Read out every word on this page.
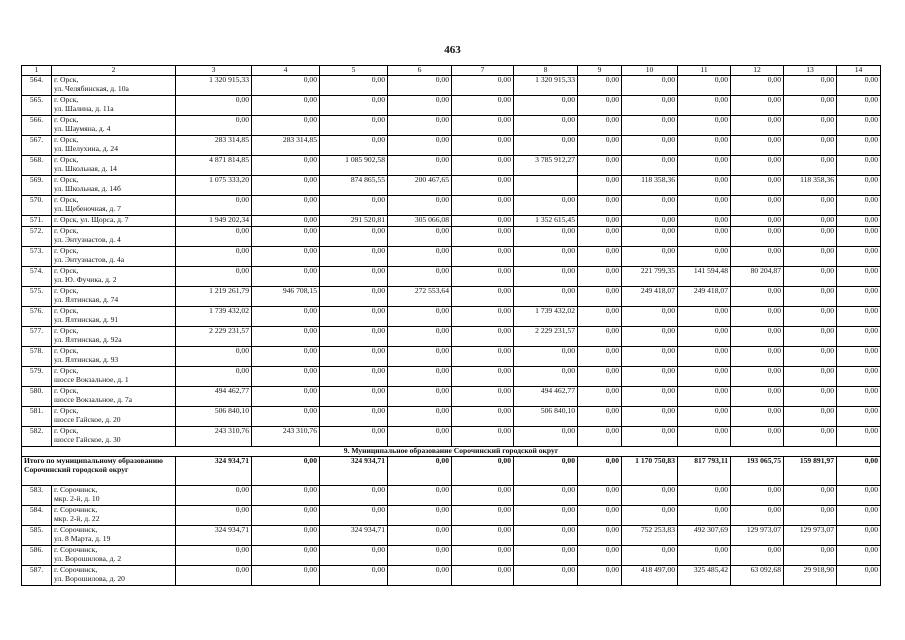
463
1	2	3	4	5	6	7	8	9	10	11	12	13	14
564.	г. Орск,
ул. Челябинская, д. 10а	1 320 915,33	0,00	0,00	0,00	0,00	1 320 915,33	0,00	0,00	0,00	0,00	0,00	0,00
565.	г. Орск,
ул. Шалина, д. 11а	0,00	0,00	0,00	0,00	0,00	0,00	0,00	0,00	0,00	0,00	0,00	0,00
566.	г. Орск,
ул. Шаумяна, д. 4	0,00	0,00	0,00	0,00	0,00	0,00	0,00	0,00	0,00	0,00	0,00	0,00
567.	г. Орск,
ул. Шелухина, д. 24	283 314,85	283 314,85	0,00	0,00	0,00	0,00	0,00	0,00	0,00	0,00	0,00	0,00
568.	г. Орск,
ул. Школьная, д. 14	4 871 814,85	0,00	1 085 902,58	0,00	0,00	3 785 912,27	0,00	0,00	0,00	0,00	0,00	0,00
569.	г. Орск,
ул. Школьная, д. 14б	1 075 333,20	0,00	874 865,55	200 467,65	0,00		0,00	118 358,36	0,00	0,00	118 358,36	0,00
570.	г. Орск,
ул. Щебеночная, д. 7	0,00	0,00	0,00	0,00	0,00	0,00	0,00	0,00	0,00	0,00	0,00	0,00
571.	г. Орск, ул. Щорса, д. 7	1 949 202,34	0,00	291 520,81	305 066,08	0,00	1 352 615,45	0,00	0,00	0,00	0,00	0,00	0,00
572.	г. Орск,
ул. Энтузиастов, д. 4	0,00	0,00	0,00	0,00	0,00	0,00	0,00	0,00	0,00	0,00	0,00	0,00
573.	г. Орск,
ул. Энтузиастов, д. 4а	0,00	0,00	0,00	0,00	0,00	0,00	0,00	0,00	0,00	0,00	0,00	0,00
574.	г. Орск,
ул. Ю. Фучика, д. 2	0,00	0,00	0,00	0,00	0,00	0,00	0,00	221 799,35	141 594,48	80 204,87	0,00	0,00
575.	г. Орск,
ул. Ялтинская, д. 74	1 219 261,79	946 708,15	0,00	272 553,64	0,00	0,00	0,00	249 418,07	249 418,07	0,00	0,00	0,00
576.	г. Орск,
ул. Ялтинская, д. 91	1 739 432,02	0,00	0,00	0,00	0,00	1 739 432,02	0,00	0,00	0,00	0,00	0,00	0,00
577.	г. Орск,
ул. Ялтинская, д. 92а	2 229 231,57	0,00	0,00	0,00	0,00	2 229 231,57	0,00	0,00	0,00	0,00	0,00	0,00
578.	г. Орск,
ул. Ялтинская, д. 93	0,00	0,00	0,00	0,00	0,00	0,00	0,00	0,00	0,00	0,00	0,00	0,00
579.	г. Орск,
шоссе Вокзальное, д. 1	0,00	0,00	0,00	0,00	0,00	0,00	0,00	0,00	0,00	0,00	0,00	0,00
580.	г. Орск,
шоссе Вокзальное, д. 7а	494 462,77	0,00	0,00	0,00	0,00	494 462,77	0,00	0,00	0,00	0,00	0,00	0,00
581.	г. Орск,
шоссе Гайское, д. 20	506 840,10	0,00	0,00	0,00	0,00	506 840,10	0,00	0,00	0,00	0,00	0,00	0,00
582.	г. Орск,
шоссе Гайское, д. 30	243 310,76	243 310,76	0,00	0,00	0,00	0,00	0,00	0,00	0,00	0,00	0,00	0,00
9. Муниципальное образование Сорочинский городской округ													
Итого по муниципальному образованию Сорочинский городской округ		324 934,71	0,00	324 934,71	0,00	0,00	0,00	0,00	1 170 750,83	817 793,11	193 065,75	159 891,97	0,00
583.	г. Сорочинск,
мкр. 2-й, д. 10	0,00	0,00	0,00	0,00	0,00	0,00	0,00	0,00	0,00	0,00	0,00	0,00
584.	г. Сорочинск,
мкр. 2-й, д. 22	0,00	0,00	0,00	0,00	0,00	0,00	0,00	0,00	0,00	0,00	0,00	0,00
585.	г. Сорочинск,
ул. 8 Марта, д. 19	324 934,71	0,00	324 934,71	0,00	0,00	0,00	0,00	752 253,83	492 307,69	129 973,07	129 973,07	0,00
586.	г. Сорочинск,
ул. Ворошилова, д. 2	0,00	0,00	0,00	0,00	0,00	0,00	0,00	0,00	0,00	0,00	0,00	0,00
587.	г. Сорочинск,
ул. Ворошилова, д. 20	0,00	0,00	0,00	0,00	0,00	0,00	0,00	418 497,00	325 485,42	63 092,68	29 918,90	0,00
